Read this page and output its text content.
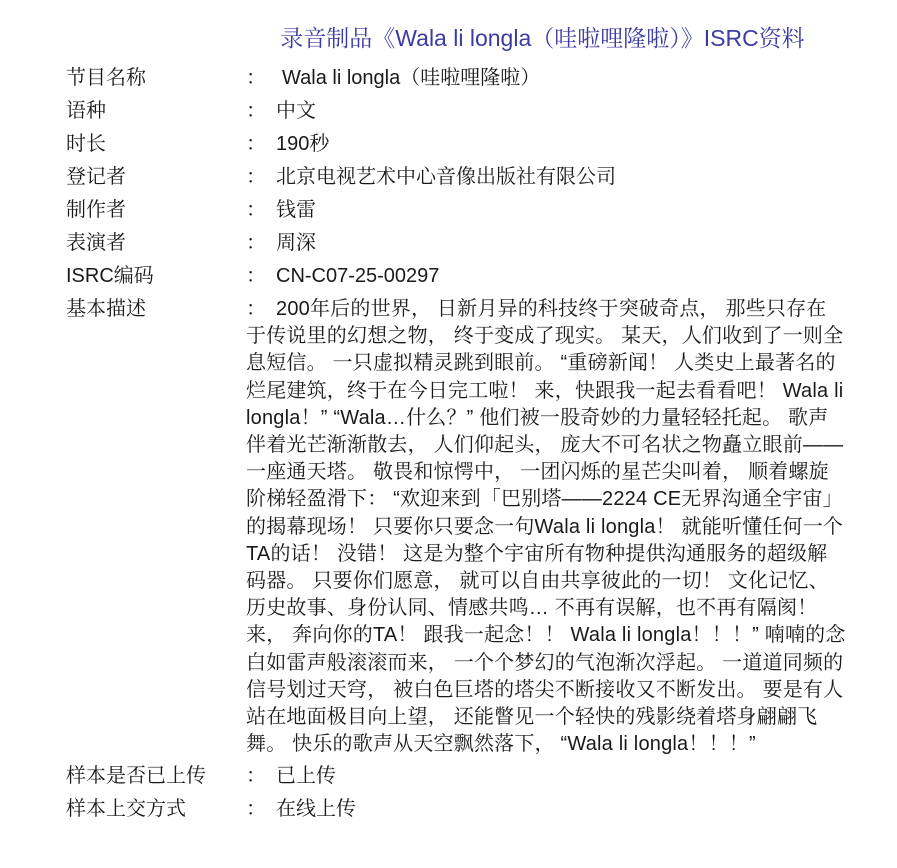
录音制品《Wala li longla（哇啦哩隆啦）》ISRC资料
节目名称	： Wala li longla（哇啦哩隆啦）
语种	： 中文
时长	： 190秒
登记者	： 北京电视艺术中心音像出版社有限公司
制作者	： 钱雷
表演者	： 周深
ISRC编码	： CN-C07-25-00297
基本描述	： 200年后的世界， 日新月异的科技终于突破奇点， 那些只存在于传说里的幻想之物， 终于变成了现实。 某天，人们收到了一则全息短信。 一只虚拟精灵跳到眼前。 “重磅新闻！ 人类史上最著名的烂尾建筑，终于在今日完工啦！ 来，快跟我一起去看看吧！ Wala li longla！” “Wala…什么？” 他们被一股奇妙的力量轻轻托起。 歌声伴着光芒渐渐散去， 人们仰起头， 庞大不可名状之物矗立眼前—— 一座通天塔。 敬畏和惊愕中， 一团闪烁的星芒尖叫着， 顺着螺旋阶梯轻盈滑下： “欢迎来到「巴别塔——2224 CE无界沟通全宇宙」的揭幕现场！ 只要你只要念一句Wala li longla！ 就能听懂任何一个TA的话！ 没错！ 这是为整个宇宙所有物种提供沟通服务的超级解码器。 只要你们愿意， 就可以自由共享彼此的一切！ 文化记忆、历史故事、身份认同、情感共鸣… 不再有误解，也不再有隔阂！ 来， 奔向你的TA！ 跟我一起念！！ Wala li longla！！！” 喃喃的念白如雷声般滚滚而来， 一个个梦幻的气泡渐次浮起。 一道道同频的信号划过天穹， 被白色巨塔的塔尖不断接收又不断发出。 要是有人站在地面极目向上望， 还能瞥见一个轻快的残影绕着塔身翩翩飞舞。 快乐的歌声从天空飘然落下， “Wala li longla！！！”
样本是否已上传	： 已上传
样本上交方式	： 在线上传
